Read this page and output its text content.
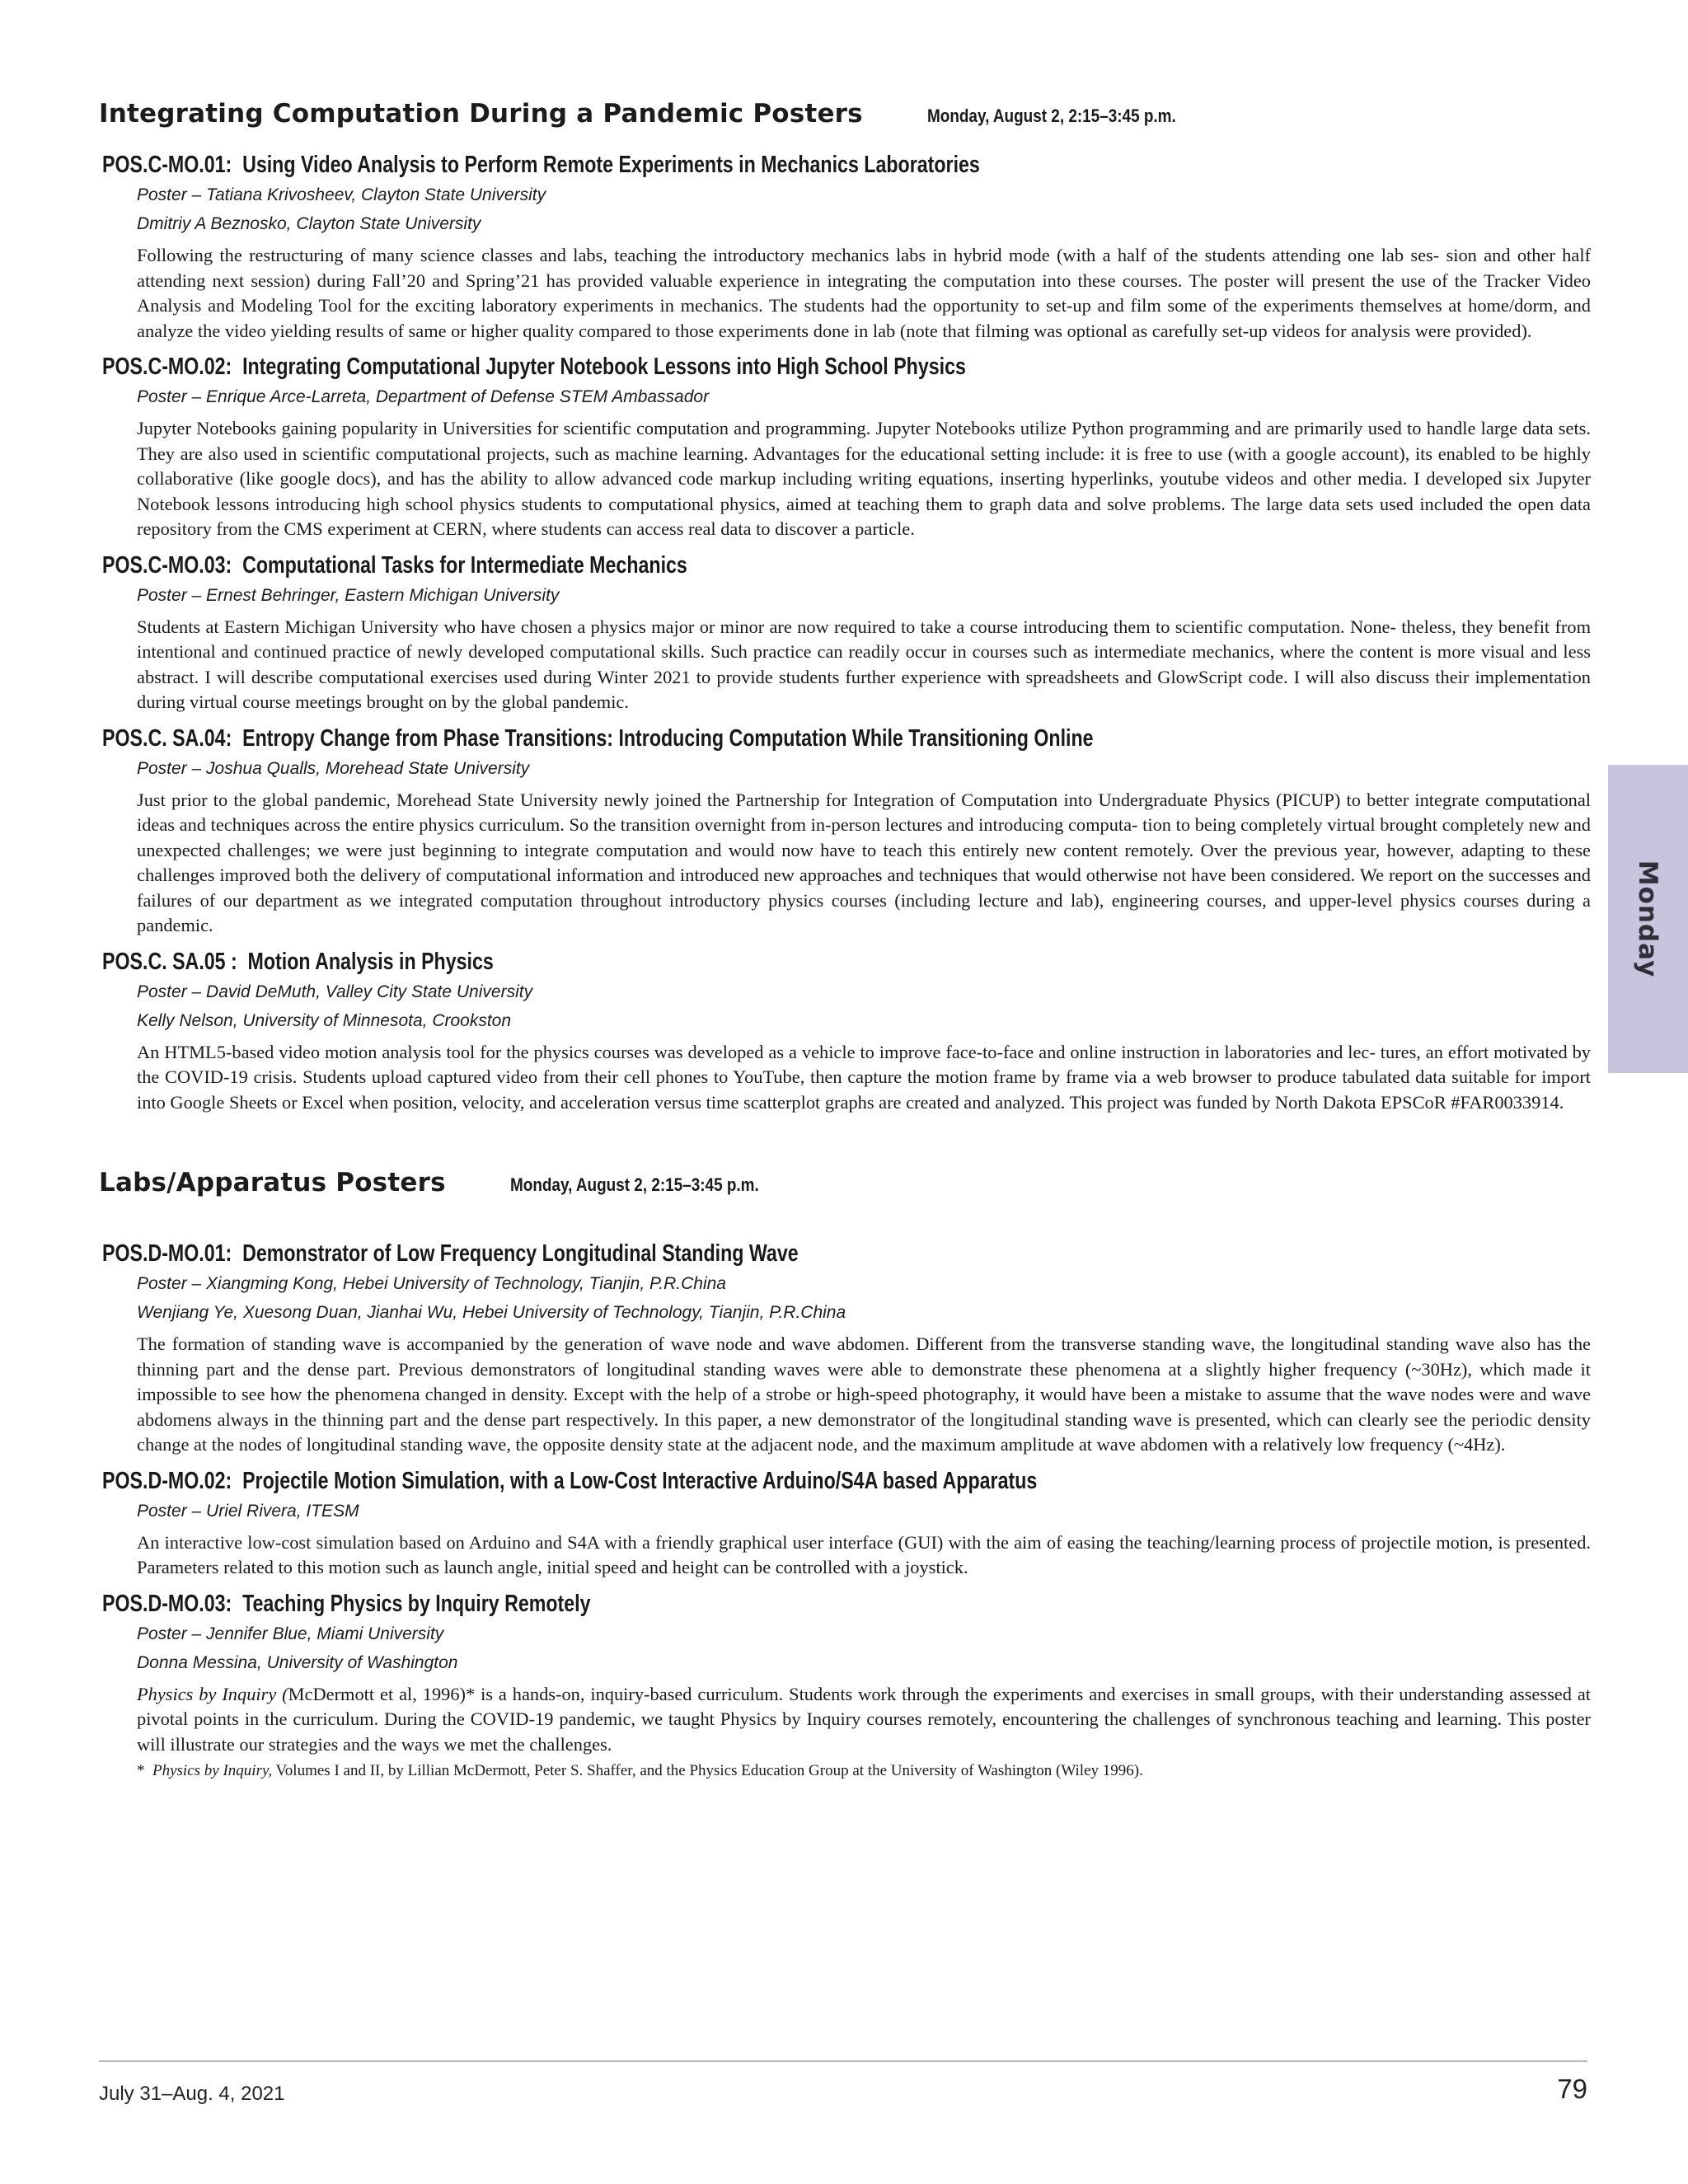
Integrating Computation During a Pandemic Posters	Monday, August 2, 2:15–3:45 p.m.
POS.C-MO.01: Using Video Analysis to Perform Remote Experiments in Mechanics Laboratories
Poster – Tatiana Krivosheev, Clayton State University
Dmitriy A Beznosko, Clayton State University
Following the restructuring of many science classes and labs, teaching the introductory mechanics labs in hybrid mode (with a half of the students attending one lab ses- sion and other half attending next session) during Fall’20 and Spring’21 has provided valuable experience in integrating the computation into these courses. The poster will present the use of the Tracker Video Analysis and Modeling Tool for the exciting laboratory experiments in mechanics. The students had the opportunity to set-up and film some of the experiments themselves at home/dorm, and analyze the video yielding results of same or higher quality compared to those experiments done in lab (note that filming was optional as carefully set-up videos for analysis were provided).
POS.C-MO.02: Integrating Computational Jupyter Notebook Lessons into High School Physics
Poster – Enrique Arce-Larreta, Department of Defense STEM Ambassador
Jupyter Notebooks gaining popularity in Universities for scientific computation and programming. Jupyter Notebooks utilize Python programming and are primarily used to handle large data sets. They are also used in scientific computational projects, such as machine learning. Advantages for the educational setting include: it is free to use (with a google account), its enabled to be highly collaborative (like google docs), and has the ability to allow advanced code markup including writing equations, inserting hyperlinks, youtube videos and other media. I developed six Jupyter Notebook lessons introducing high school physics students to computational physics, aimed at teaching them to graph data and solve problems. The large data sets used included the open data repository from the CMS experiment at CERN, where students can access real data to discover a particle.
POS.C-MO.03: Computational Tasks for Intermediate Mechanics
Poster – Ernest Behringer, Eastern Michigan University
Students at Eastern Michigan University who have chosen a physics major or minor are now required to take a course introducing them to scientific computation. None- theless, they benefit from intentional and continued practice of newly developed computational skills. Such practice can readily occur in courses such as intermediate mechanics, where the content is more visual and less abstract. I will describe computational exercises used during Winter 2021 to provide students further experience with spreadsheets and GlowScript code. I will also discuss their implementation during virtual course meetings brought on by the global pandemic.
POS.C. SA.04: Entropy Change from Phase Transitions: Introducing Computation While Transitioning Online
Poster – Joshua Qualls, Morehead State University
Just prior to the global pandemic, Morehead State University newly joined the Partnership for Integration of Computation into Undergraduate Physics (PICUP) to better integrate computational ideas and techniques across the entire physics curriculum. So the transition overnight from in-person lectures and introducing computa- tion to being completely virtual brought completely new and unexpected challenges; we were just beginning to integrate computation and would now have to teach this entirely new content remotely. Over the previous year, however, adapting to these challenges improved both the delivery of computational information and introduced new approaches and techniques that would otherwise not have been considered. We report on the successes and failures of our department as we integrated computation throughout introductory physics courses (including lecture and lab), engineering courses, and upper-level physics courses during a pandemic.
POS.C. SA.05 : Motion Analysis in Physics
Poster – David DeMuth, Valley City State University
Kelly Nelson, University of Minnesota, Crookston
An HTML5-based video motion analysis tool for the physics courses was developed as a vehicle to improve face-to-face and online instruction in laboratories and lec- tures, an effort motivated by the COVID-19 crisis. Students upload captured video from their cell phones to YouTube, then capture the motion frame by frame via a web browser to produce tabulated data suitable for import into Google Sheets or Excel when position, velocity, and acceleration versus time scatterplot graphs are created and analyzed. This project was funded by North Dakota EPSCoR #FAR0033914.
Labs/Apparatus Posters	Monday, August 2, 2:15–3:45 p.m.
POS.D-MO.01: Demonstrator of Low Frequency Longitudinal Standing Wave
Poster – Xiangming Kong, Hebei University of Technology, Tianjin, P.R.China
Wenjiang Ye, Xuesong Duan, Jianhai Wu, Hebei University of Technology, Tianjin, P.R.China
The formation of standing wave is accompanied by the generation of wave node and wave abdomen. Different from the transverse standing wave, the longitudinal standing wave also has the thinning part and the dense part. Previous demonstrators of longitudinal standing waves were able to demonstrate these phenomena at a slightly higher frequency (~30Hz), which made it impossible to see how the phenomena changed in density. Except with the help of a strobe or high-speed photography, it would have been a mistake to assume that the wave nodes were and wave abdomens always in the thinning part and the dense part respectively. In this paper, a new demonstrator of the longitudinal standing wave is presented, which can clearly see the periodic density change at the nodes of longitudinal standing wave, the opposite density state at the adjacent node, and the maximum amplitude at wave abdomen with a relatively low frequency (~4Hz).
POS.D-MO.02: Projectile Motion Simulation, with a Low-Cost Interactive Arduino/S4A based Apparatus
Poster – Uriel Rivera, ITESM
An interactive low-cost simulation based on Arduino and S4A with a friendly graphical user interface (GUI) with the aim of easing the teaching/learning process of projectile motion, is presented. Parameters related to this motion such as launch angle, initial speed and height can be controlled with a joystick.
POS.D-MO.03: Teaching Physics by Inquiry Remotely
Poster – Jennifer Blue, Miami University
Donna Messina, University of Washington
Physics by Inquiry (McDermott et al, 1996)* is a hands-on, inquiry-based curriculum. Students work through the experiments and exercises in small groups, with their understanding assessed at pivotal points in the curriculum. During the COVID-19 pandemic, we taught Physics by Inquiry courses remotely, encountering the challenges of synchronous teaching and learning. This poster will illustrate our strategies and the ways we met the challenges.
* Physics by Inquiry, Volumes I and II, by Lillian McDermott, Peter S. Shaffer, and the Physics Education Group at the University of Washington (Wiley 1996).
Monday
July 31–Aug. 4, 2021	79
